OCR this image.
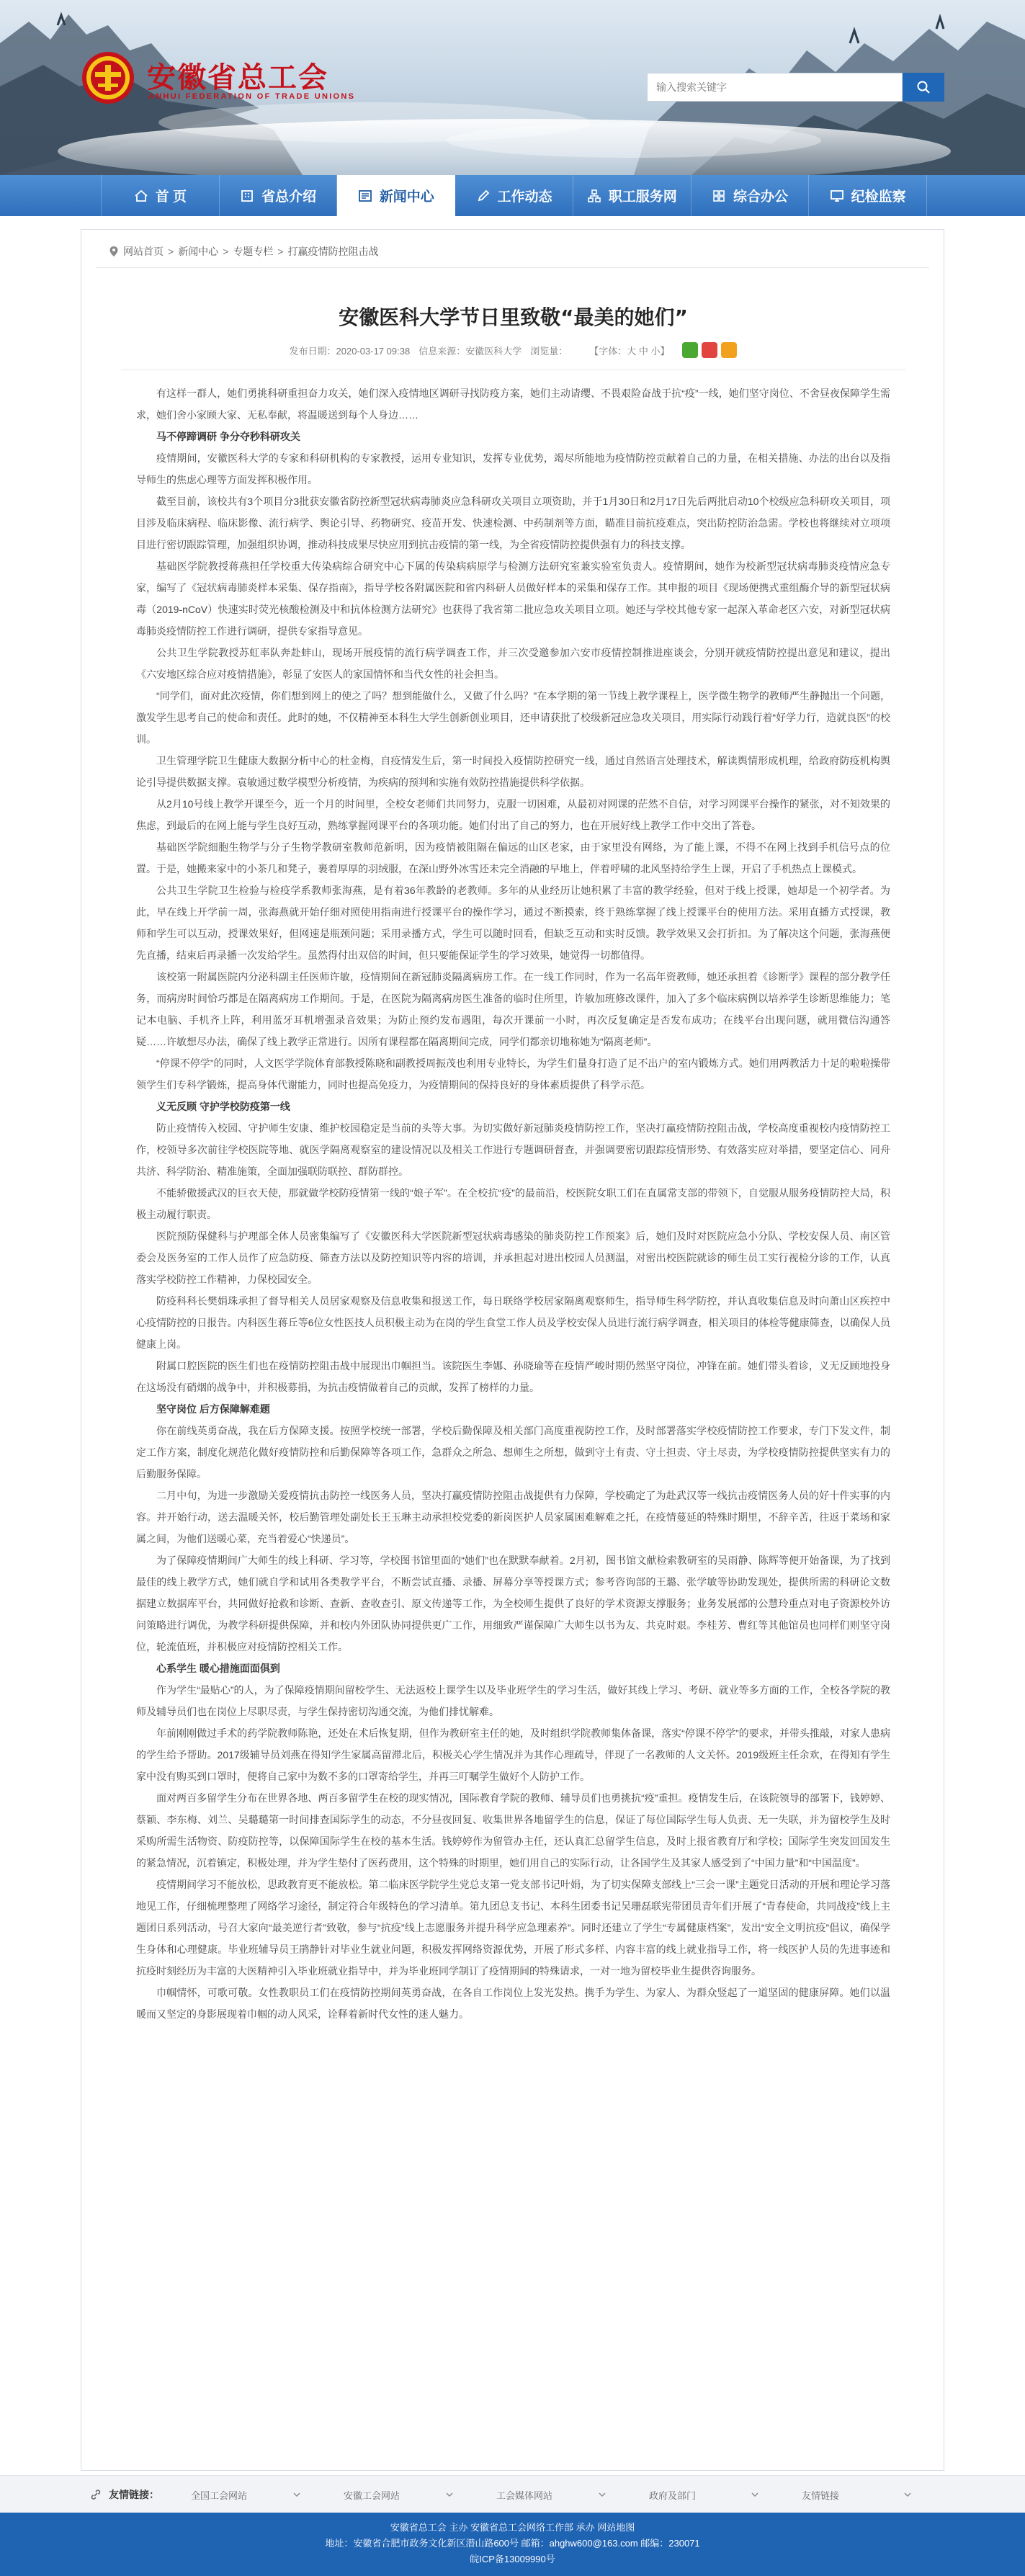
安徽省总工会
ANHUI FEDERATION OF TRADE UNIONS
输入搜索关键字
首 页	省总介绍	新闻中心	工作动态	职工服务网	综合办公	纪检监察
网站首页 > 新闻中心 > 专题专栏 > 打赢疫情防控阻击战
安徽医科大学节日里致敬“最美的她们”
发布日期：2020-03-17 09:38 信息来源：安徽医科大学 浏览量： 【字体：大 中 小】

有这样一群人，她们勇挑科研重担奋力攻关，她们深入疫情地区调研寻找防疫方案，她们主动请缨、不畏艰险奋战于抗“疫”一线，她们坚守岗位、不舍昼夜保障学生需求，她们舍小家顾大家、无私奉献，将温暖送到每个人身边……

马不停蹄调研 争分夺秒科研攻关

疫情期间，安徽医科大学的专家和科研机构的专家教授，运用专业知识，发挥专业优势，竭尽所能地为疫情防控贡献着自己的力量，在相关措施、办法的出台以及指导师生的焦虑心理等方面发挥积极作用。

截至目前，该校共有3个项目分3批获安徽省防控新型冠状病毒肺炎应急科研攻关项目立项资助，并于1月30日和2月17日先后两批启动10个校级应急科研攻关项目，项目涉及临床病程、临床影像、流行病学、舆论引导、药物研究、疫苗开发、快速检测、中药制剂等方面，瞄准目前抗疫难点，突出防控防治急需。学校也将继续对立项项目进行密切跟踪管理，加强组织协调，推动科技成果尽快应用到抗击疫情的第一线，为全省疫情防控提供强有力的科技支撑。

基础医学院教授蒋燕担任学校重大传染病综合研究中心下属的传染病病原学与检测方法研究室兼实验室负责人。疫情期间，她作为校新型冠状病毒肺炎疫情应急专家，编写了《冠状病毒肺炎样本采集、保存指南》，指导学校各附属医院和省内科研人员做好样本的采集和保存工作。其申报的项目《现场便携式重组酶介导的新型冠状病毒（2019-nCoV）快速实时荧光核酸检测及中和抗体检测方法研究》也获得了我省第二批应急攻关项目立项。她还与学校其他专家一起深入革命老区六安，对新型冠状病毒肺炎疫情防控工作进行调研，提供专家指导意见。

公共卫生学院教授苏虹率队奔赴蚌山，现场开展疫情的流行病学调查工作，并三次受邀参加六安市疫情控制推进座谈会，分别开就疫情防控提出意见和建议，提出《六安地区综合应对疫情措施》，彰显了安医人的家国情怀和当代女性的社会担当。

“同学们，面对此次疫情，你们想到网上的使之了吗？想到能做什么，又做了什么吗？”在本学期的第一节线上教学课程上，医学微生物学的教师严生静抛出一个问题，激发学生思考自己的使命和责任。此时的她，不仅精神至本科生大学生创新创业项目，还申请获批了校级新冠应急攻关项目，用实际行动践行着“好学力行，造就良医”的校训。

卫生管理学院卫生健康大数据分析中心的杜金梅，自疫情发生后，第一时间投入疫情防控研究一线，通过自然语言处理技术，解读舆情形成机理，给政府防疫机构舆论引导提供数据支撑。袁敏通过数学模型分析疫情，为疾病的预判和实施有效防控措施提供科学依据。

从2月10号线上教学开课至今，近一个月的时间里，全校女老师们共同努力，克服一切困难，从最初对网课的茫然不自信，对学习网课平台操作的紧张，对不知效果的焦虑，到最后的在网上能与学生良好互动，熟练掌握网课平台的各项功能。她们付出了自己的努力，也在开展好线上教学工作中交出了答卷。

基础医学院细胞生物学与分子生物学教研室教师范新明，因为疫情被阻隔在偏远的山区老家，由于家里没有网络，为了能上课，不得不在网上找到手机信号点的位置。于是，她搬来家中的小茶几和凳子，裹着厚厚的羽绒服，在深山野外冰雪还未完全消融的早地上，伴着呼啸的北风坚持给学生上课，开启了手机热点上课模式。

公共卫生学院卫生检验与检疫学系教师张海燕，是有着36年教龄的老教师。多年的从业经历让她积累了丰富的教学经验，但对于线上授课，她却是一个初学者。为此，早在线上开学前一周，张海燕就开始仔细对照使用指南进行授课平台的操作学习，通过不断摸索，终于熟练掌握了线上授课平台的使用方法。采用直播方式授课，教师和学生可以互动，授课效果好，但网速是瓶颈问题；采用录播方式，学生可以随时回看，但缺乏互动和实时反馈。教学效果又会打折扣。为了解决这个问题，张海燕便先直播，结束后再录播一次发给学生。虽然得付出双倍的时间，但只要能保证学生的学习效果，她觉得一切都值得。

该校第一附属医院内分泌科副主任医师许敏，疫情期间在新冠肺炎隔离病房工作。在一线工作同时，作为一名高年资教师，她还承担着《诊断学》课程的部分教学任务，而病房时间恰巧都是在隔离病房工作期间。于是，在医院为隔离病房医生准备的临时住所里，许敏加班修改课件，加入了多个临床病例以培养学生诊断思维能力；笔记本电脑、手机齐上阵，利用蓝牙耳机增强录音效果；为防止预约发布遇阻，每次开课前一小时，再次反复确定是否发布成功；在线平台出现问题，就用微信沟通答疑……许敏想尽办法，确保了线上教学正常进行。因所有课程都在隔离期间完成，同学们都亲切地称她为“隔离老师”。

“停课不停学”的同时，人文医学学院体育部教授陈晓和副教授周振茂也利用专业特长，为学生们量身打造了足不出户的室内锻炼方式。她们用两教活力十足的啦啦操带领学生们专科学锻炼，提高身体代谢能力，同时也提高免疫力，为疫情期间的保持良好的身体素质提供了科学示范。

义无反顾 守护学校防疫第一线

防止疫情传入校园、守护师生安康、维护校园稳定是当前的头等大事。为切实做好新冠肺炎疫情防控工作，坚决打赢疫情防控阻击战，学校高度重视校内疫情防控工作，校领导多次前往学校医院等地、就医学隔离观察室的建设情况以及相关工作进行专题调研督查，并强调要密切跟踪疫情形势、有效落实应对举措，要坚定信心、同舟共济、科学防治、精准施策，全面加强联防联控、群防群控。

不能骄傲援武汉的巨衣天使，那就做学校防疫情第一线的“娘子军”。在全校抗“疫”的最前沿，校医院女职工们在直属常支部的带领下，自觉服从服务疫情防控大局，积极主动履行职责。

医院预防保健科与护理部全体人员密集编写了《安徽医科大学医院新型冠状病毒感染的肺炎防控工作预案》后，她们及时对医院应急小分队、学校安保人员、南区管委会及医务室的工作人员作了应急防疫、筛查方法以及防控知识等内容的培训，并承担起对进出校园人员测温，对密出校医院就诊的师生员工实行视检分诊的工作，认真落实学校防控工作精神，力保校园安全。

防疫科科长樊娟珠承担了督导相关人员居家观察及信息收集和报送工作，每日联络学校居家隔离观察师生，指导师生科学防控，并认真收集信息及时向萧山区疾控中心疫情防控的日报告。内科医生蒋丘等6位女性医技人员积极主动为在岗的学生食堂工作人员及学校安保人员进行流行病学调查，相关项目的体检等健康筛查，以确保人员健康上岗。

附属口腔医院的医生们也在疫情防控阻击战中展现出巾帼担当。该院医生李娜、孙晓瑜等在疫情严峻时期仍然坚守岗位，冲锋在前。她们带头着诊，义无反顾地投身在这场没有硝烟的战争中，并积极募捐，为抗击疫情做着自己的贡献，发挥了榜样的力量。

坚守岗位 后方保障解难题

你在前线英勇奋战，我在后方保障支援。按照学校统一部署，学校后勤保障及相关部门高度重视防控工作，及时部署落实学校疫情防控工作要求，专门下发文件，制定工作方案，制度化规范化做好疫情防控和后勤保障等各项工作，急群众之所急、想师生之所想，做到守土有责、守土担责、守土尽责，为学校疫情防控提供坚实有力的后勤服务保障。

二月中旬，为进一步激励关爱疫情抗击防控一线医务人员，坚决打赢疫情防控阻击战提供有力保障，学校确定了为赴武汉等一线抗击疫情医务人员的好十件实事的内容。并开始行动，送去温暖关怀，校后勤管理处副处长王玉琳主动承担校党委的新岗医护人员家属困难解难之托，在疫情蔓延的特殊时期里，不辞辛苦，往返于菜场和家属之间，为他们送暖心菜，充当着爱心“快递员”。

为了保障疫情期间广大师生的线上科研、学习等，学校图书馆里面的“她们”也在默默奉献着。2月初，图书馆文献检索教研室的吴雨静、陈辉等便开始备课，为了找到最佳的线上教学方式，她们就自学和试用各类教学平台，不断尝试直播、录播、屏幕分享等授课方式；参考咨询部的王璐、张学敏等协助发现处，提供所需的科研论文数据建立数据库平台，共同做好抢救和诊断、查新、查收查引、原文传递等工作，为全校师生提供了良好的学术资源支撑服务；业务发展部的公慧玲重点对电子资源校外访问策略进行调优，为教学科研提供保障，并和校内外团队协同提供更广工作，用细致严谨保障广大师生以书为友、共克时艰。李桂芳、曹红等其他馆员也同样们则坚守岗位，轮流值班，并积极应对疫情防控相关工作。

心系学生 暖心措施面面俱到

作为学生“最贴心”的人，为了保障疫情期间留校学生、无法返校上课学生以及毕业班学生的学习生活，做好其线上学习、考研、就业等多方面的工作，全校各学院的教师及辅导员们也在岗位上尽职尽责，与学生保持密切沟通交流，为他们排忧解难。

年前刚刚做过手术的药学院教师陈艳，还处在术后恢复期，但作为教研室主任的她，及时组织学院教师集体备课，落实“停课不停学”的要求，并带头推敲，对家人患病的学生给予帮助。2017级辅导员刘燕在得知学生家属高留滞北后，积极关心学生情况并为其作心理疏导，伴现了一名教师的人文关怀。2019级班主任余欢，在得知有学生家中没有购买到口罩时，便将自己家中为数不多的口罩寄给学生，并再三叮嘱学生做好个人防护工作。

面对两百多留学生分布在世界各地、两百多留学生在校的现实情况，国际教育学院的教师、辅导员们也勇挑抗“疫”重担。疫情发生后，在该院领导的部署下，钱婷婷、蔡颖、李东梅、刘兰、吴璐璐第一时间排查国际学生的动态，不分昼夜回复、收集世界各地留学生的信息，保证了每位国际学生每人负责、无一失联，并为留校学生及时采购所需生活物资、防疫防控等，以保障国际学生在校的基本生活。钱婷婷作为留管办主任，还认真汇总留学生信息，及时上报省教育厅和学校；国际学生突发回国发生的紧急情况，沉着镇定，积极处理，并为学生垫付了医药费用，这个特殊的时期里，她们用自己的实际行动，让各国学生及其家人感受到了“中国力量”和“中国温度”。

疫情期间学习不能放松，思政教育更不能放松。第二临床医学院学生党总支第一党支部书记叶娟，为了切实保障支部线上“三会一课”主题党日活动的开展和理论学习落地见工作，仔细梳理整理了网络学习途径，制定符合年级特色的学习清单。第九团总支书记、本科生团委书记吴珊磊联宪带团员青年们开展了“青春使命，共同战疫”线上主题团日系列活动，号召大家向“最美逆行者”致敬，参与“抗疫”线上志愿服务并提升科学应急理素养”。同时还建立了学生“专属健康档案”，发出“安全文明抗疫”倡议，确保学生身体和心理健康。毕业班辅导员王鹃静针对毕业生就业问题，积极发挥网络资源优势，开展了形式多样、内容丰富的线上就业指导工作，将一线医护人员的先进事迹和抗疫时刻经历为丰富的大医精神引入毕业班就业指导中，并为毕业班同学制订了疫情期间的特殊请求，一对一地为留校毕业生提供咨询服务。

巾帼情怀，可歌可敬。女性教职员工们在疫情防控期间英勇奋战，在各自工作岗位上发光发热。携手为学生、为家人、为群众竖起了一道坚固的健康屏障。她们以温暖而又坚定的身影展现着巾帼的动人风采，诠释着新时代女性的迷人魅力。

友情链接：	全国工会网站	安徽工会网站	工会媒体网站	政府及部门	友情链接
安徽省总工会 主办 安徽省总工会网络工作部 承办 网站地图
地址：安徽省合肥市政务文化新区潜山路600号 邮箱：ahghw600@163.com 邮编：230071
皖ICP备13009990号
